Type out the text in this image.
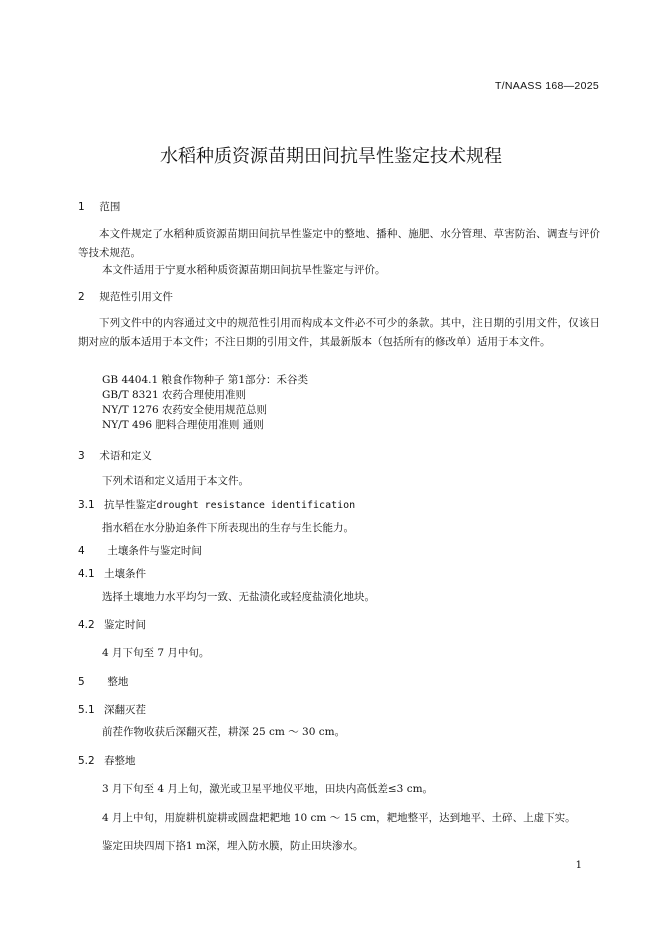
T/NAASS 168—2025
水稻种质资源苗期田间抗旱性鉴定技术规程
1 范围
本文件规定了水稻种质资源苗期田间抗旱性鉴定中的整地、播种、施肥、水分管理、草害防治、调查与评价等技术规范。
本文件适用于宁夏水稻种质资源苗期田间抗旱性鉴定与评价。
2 规范性引用文件
下列文件中的内容通过文中的规范性引用而构成本文件必不可少的条款。其中，注日期的引用文件，仅该日期对应的版本适用于本文件；不注日期的引用文件，其最新版本（包括所有的修改单）适用于本文件。
GB 4404.1 粮食作物种子 第1部分：禾谷类
GB/T 8321 农药合理使用准则
NY/T 1276 农药安全使用规范总则
NY/T 496 肥料合理使用准则 通则
3 术语和定义
下列术语和定义适用于本文件。
3.1 抗旱性鉴定drought resistance identification
指水稻在水分胁迫条件下所表现出的生存与生长能力。
4 土壤条件与鉴定时间
4.1 土壤条件
选择土壤地力水平均匀一致、无盐渍化或轻度盐渍化地块。
4.2 鉴定时间
4 月下旬至 7 月中旬。
5 整地
5.1 深翻灭茬
前茬作物收获后深翻灭茬，耕深 25 cm ～ 30 cm。
5.2 春整地
3 月下旬至 4 月上旬，激光或卫星平地仪平地，田块内高低差≤3 cm。
4 月上中旬，用旋耕机旋耕或圆盘耙耙地 10 cm ～ 15 cm，耙地整平，达到地平、土碎、上虚下实。
鉴定田块四周下挌1 m深，埋入防水膜，防止田块渗水。
1
